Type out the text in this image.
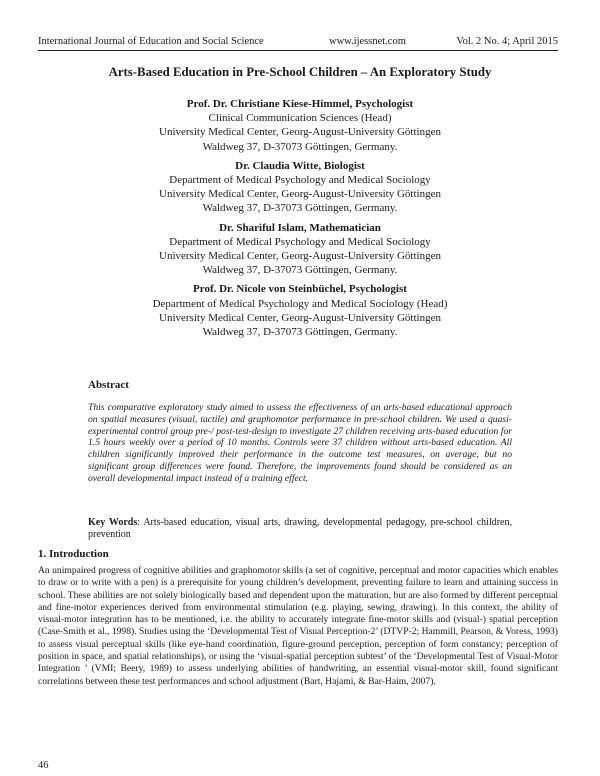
International Journal of Education and Social Science	www.ijessnet.com	Vol. 2 No. 4; April 2015
Arts-Based Education in Pre-School Children – An Exploratory Study
Prof. Dr. Christiane Kiese-Himmel, Psychologist
Clinical Communication Sciences (Head)
University Medical Center, Georg-August-University Göttingen
Waldweg 37, D-37073 Göttingen, Germany.
Dr. Claudia Witte, Biologist
Department of Medical Psychology and Medical Sociology
University Medical Center, Georg-August-University Göttingen
Waldweg 37, D-37073 Göttingen, Germany.
Dr. Shariful Islam, Mathematician
Department of Medical Psychology and Medical Sociology
University Medical Center, Georg-August-University Göttingen
Waldweg 37, D-37073 Göttingen, Germany.
Prof. Dr. Nicole von Steinbüchel, Psychologist
Department of Medical Psychology and Medical Sociology (Head)
University Medical Center, Georg-August-University Göttingen
Waldweg 37, D-37073 Göttingen, Germany.
Abstract

This comparative exploratory study aimed to assess the effectiveness of an arts-based educational approach on spatial measures (visual, tactile) and graphomotor performance in pre-school children. We used a quasi-experimental control group pre-/ post-test-design to investigate 27 children receiving arts-based education for 1.5 hours weekly over a period of 10 months. Controls were 37 children without arts-based education. All children significantly improved their performance in the outcome test measures, on average, but no significant group differences were found. Therefore, the improvements found should be considered as an overall developmental impact instead of a training effect.

Key Words: Arts-based education, visual arts, drawing, developmental pedagogy, pre-school children, prevention

1. Introduction

An unimpaired progress of cognitive abilities and graphomotor skills (a set of cognitive, perceptual and motor capacities which enables to draw or to write with a pen) is a prerequisite for young children’s development, preventing failure to learn and attaining success in school. These abilities are not solely biologically based and dependent upon the maturation, but are also formed by different perceptual and fine-motor experiences derived from environmental stimulation (e.g. playing, sewing, drawing). In this context, the ability of visual-motor integration has to be mentioned, i.e. the ability to accurately integrate fine-motor skills and (visual-) spatial perception (Case-Smith et al., 1998). Studies using the ‘Developmental Test of Visual Perception-2’ (DTVP-2; Hammill, Pearson, & Voress, 1993) to assess visual perceptual skills (like eye-hand coordination, figure-ground perception, perception of form constancy; perception of position in space, and spatial relationships), or using the ‘visual-spatial perception subtest’ of the ‘Developmental Test of Visual-Motor Integration ’ (VMI; Beery, 1989) to assess underlying abilities of handwriting, an essential visual-motor skill, found significant correlations between these test performances and school adjustment (Bart, Hajami, & Bar-Haim, 2007).

46
